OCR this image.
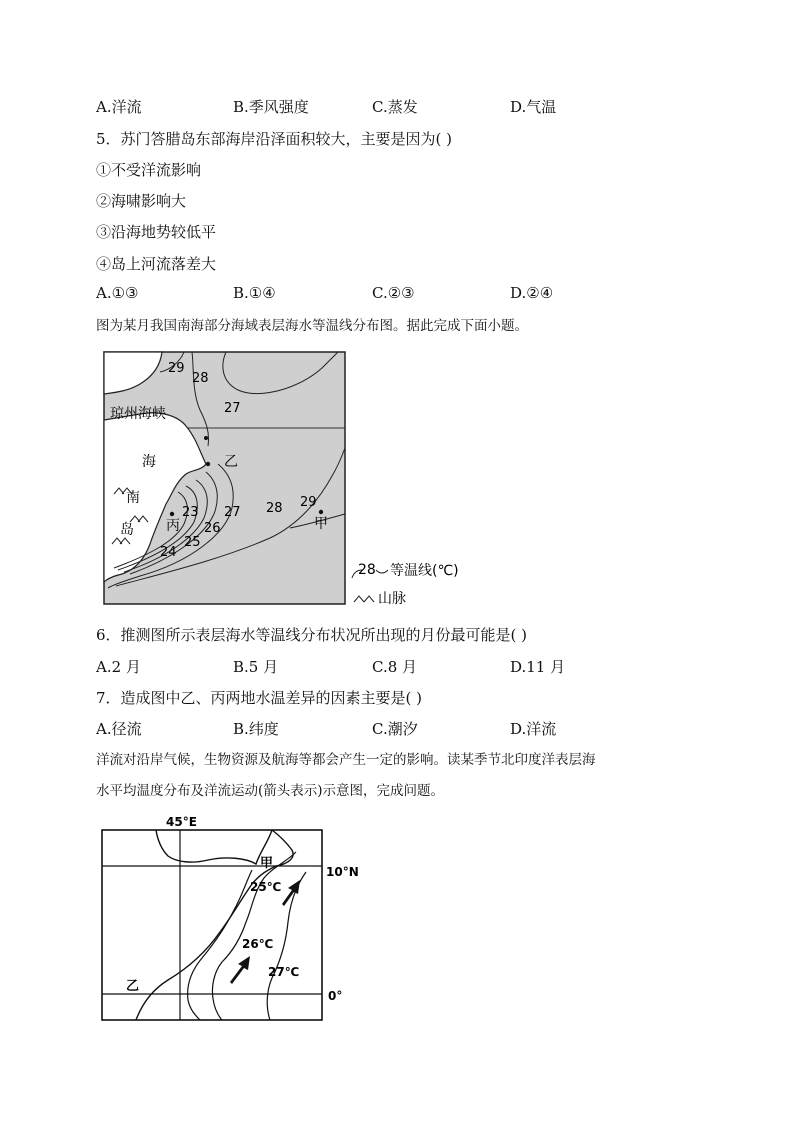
A.洋流	B.季风强度	C.蒸发	D.气温
5．苏门答腊岛东部海岸沿泽面积较大，主要是因为( )
①不受洋流影响
②海啸影响大
③沿海地势较低平
④岛上河流落差大
A.①③	B.①④	C.②③	D.②④
图为某月我国南海部分海域表层海水等温线分布图。据此完成下面小题。
琼州海峡
海
南
岛
乙
丙	甲
29
28
27
23
26
27
25
24
28 29
28 等温线(℃)
山脉
6．推测图所示表层海水等温线分布状况所出现的月份最可能是( )
A.2 月	B.5 月	C.8 月	D.11 月
7．造成图中乙、丙两地水温差异的因素主要是( )
A.径流	B.纬度	C.潮汐	D.洋流
洋流对沿岸气候，生物资源及航海等都会产生一定的影响。读某季节北印度洋表层海
水平均温度分布及洋流运动(箭头表示)示意图，完成问题。
45°E
10°N
0°
甲
25℃
26℃
27℃
乙
